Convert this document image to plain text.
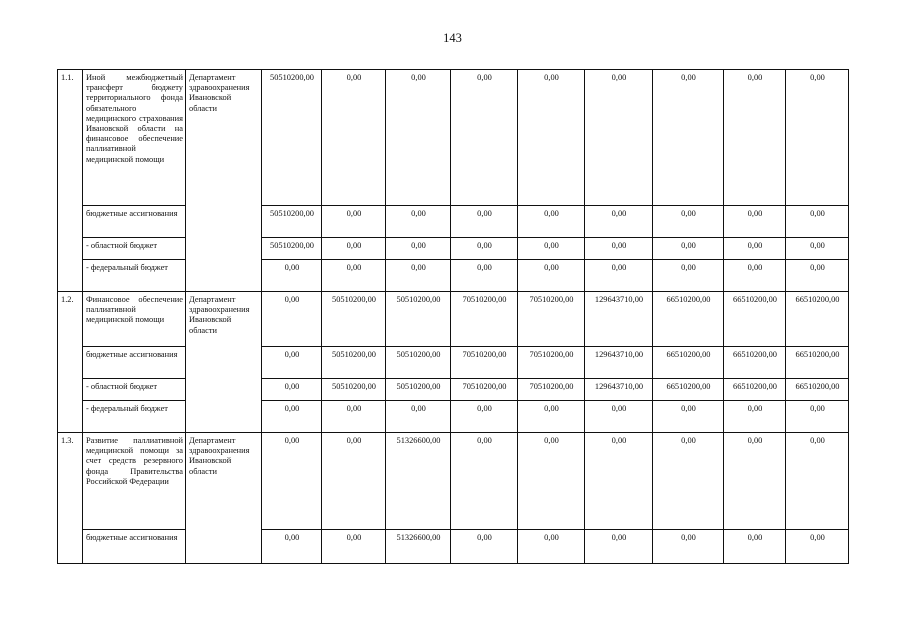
143
1.1.	Иной межбюджетный трансферт бюджету территориального фонда обязательного медицинского страхования Ивановской области на финансовое обеспечение паллиативной медицинской помощи	Департамент здравоохранения Ивановской области	50510200,00	0,00	0,00	0,00	0,00	0,00	0,00	0,00	0,00
	бюджетные ассигнования		50510200,00	0,00	0,00	0,00	0,00	0,00	0,00	0,00	0,00
	- областной бюджет		50510200,00	0,00	0,00	0,00	0,00	0,00	0,00	0,00	0,00
	- федеральный бюджет		0,00	0,00	0,00	0,00	0,00	0,00	0,00	0,00	0,00
1.2.	Финансовое обеспечение паллиативной медицинской помощи	Департамент здравоохранения Ивановской области	0,00	50510200,00	50510200,00	70510200,00	70510200,00	129643710,00	66510200,00	66510200,00	66510200,00
	бюджетные ассигнования		0,00	50510200,00	50510200,00	70510200,00	70510200,00	129643710,00	66510200,00	66510200,00	66510200,00
	- областной бюджет		0,00	50510200,00	50510200,00	70510200,00	70510200,00	129643710,00	66510200,00	66510200,00	66510200,00
	- федеральный бюджет		0,00	0,00	0,00	0,00	0,00	0,00	0,00	0,00	0,00
1.3.	Развитие паллиативной медицинской помощи за счет средств резервного фонда Правительства Российской Федерации	Департамент здравоохранения Ивановской области	0,00	0,00	51326600,00	0,00	0,00	0,00	0,00	0,00	0,00
	бюджетные ассигнования		0,00	0,00	51326600,00	0,00	0,00	0,00	0,00	0,00	0,00
